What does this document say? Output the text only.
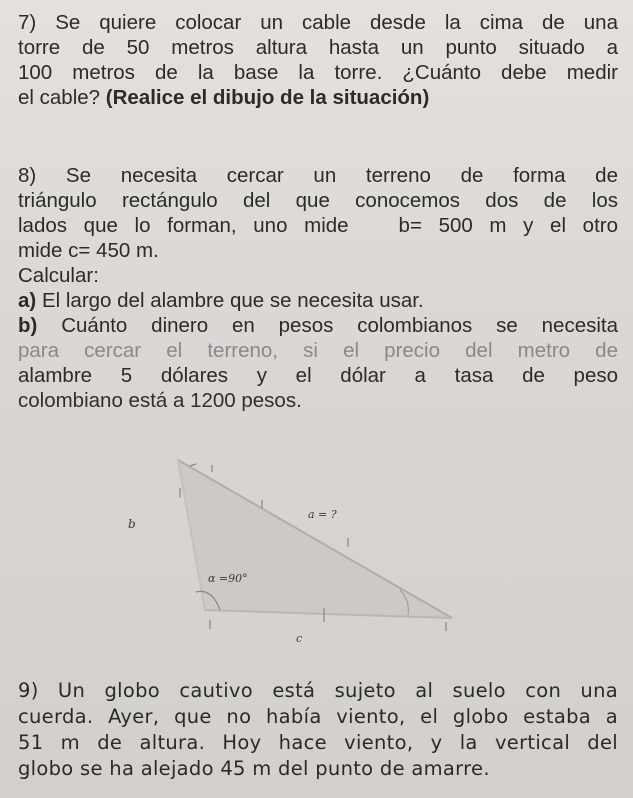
7) Se quiere colocar un cable desde la cima de una
torre de 50 metros altura hasta un punto situado a
100 metros de la base la torre. ¿Cuánto debe medir
el cable? (Realice el dibujo de la situación)
8) Se necesita cercar un terreno de forma de
triángulo rectángulo del que conocemos dos de los
lados que lo forman, uno mide   b= 500 m y el otro
mide c= 450 m.
Calcular:
a) El largo del alambre que se necesita usar.
b) Cuánto dinero en pesos colombianos se necesita
para cercar el terreno, si el precio del metro de
alambre 5 dólares y el dólar a tasa de peso
colombiano está a 1200 pesos.
b
a = ?
α =90°
c
9) Un globo cautivo está sujeto al suelo con una
cuerda. Ayer, que no había viento, el globo estaba a
51 m de altura. Hoy hace viento, y la vertical del
globo se ha alejado 45 m del punto de amarre.
